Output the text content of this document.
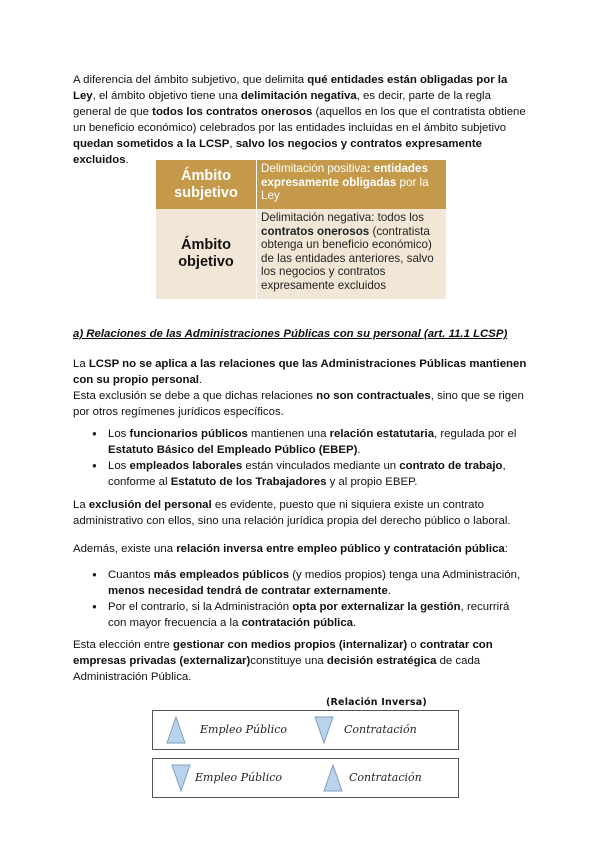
A diferencia del ámbito subjetivo, que delimita qué entidades están obligadas por la Ley, el ámbito objetivo tiene una delimitación negativa, es decir, parte de la regla general de que todos los contratos onerosos (aquellos en los que el contratista obtiene un beneficio económico) celebrados por las entidades incluidas en el ámbito subjetivo quedan sometidos a la LCSP, salvo los negocios y contratos expresamente excluidos.

Ámbito subjetivo
Delimitación positiva: entidades expresamente obligadas por la Ley
Ámbito objetivo
Delimitación negativa: todos los contratos onerosos (contratista obtenga un beneficio económico) de las entidades anteriores, salvo los negocios y contratos expresamente excluidos
a) Relaciones de las Administraciones Públicas con su personal (art. 11.1 LCSP)

La LCSP no se aplica a las relaciones que las Administraciones Públicas mantienen con su propio personal.

Esta exclusión se debe a que dichas relaciones no son contractuales, sino que se rigen por otros regímenes jurídicos específicos.

● Los funcionarios públicos mantienen una relación estatutaria, regulada por el Estatuto Básico del Empleado Público (EBEP).
● Los empleados laborales están vinculados mediante un contrato de trabajo, conforme al Estatuto de los Trabajadores y al propio EBEP.

La exclusión del personal es evidente, puesto que ni siquiera existe un contrato administrativo con ellos, sino una relación jurídica propia del derecho público o laboral.

Además, existe una relación inversa entre empleo público y contratación pública:

● Cuantos más empleados públicos (y medios propios) tenga una Administración, menos necesidad tendrá de contratar externamente.
● Por el contrario, si la Administración opta por externalizar la gestión, recurrirá con mayor frecuencia a la contratación pública.

Esta elección entre gestionar con medios propios (internalizar) o contratar con empresas privadas (externalizar)constituye una decisión estratégica de cada Administración Pública.

(Relación Inversa)
Empleo Público	Contratación
Empleo Público	Contratación
